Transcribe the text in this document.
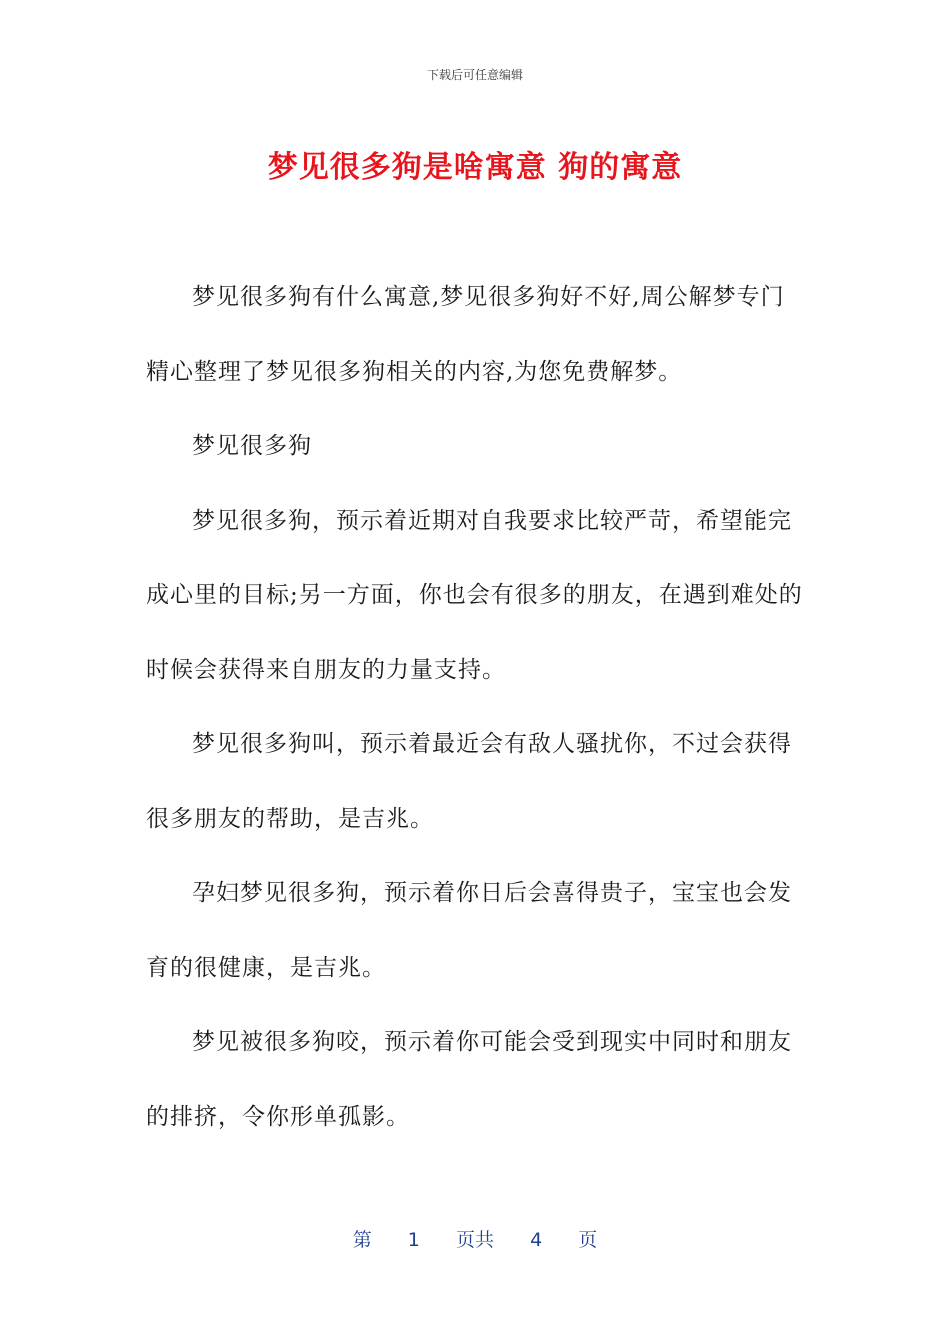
下载后可任意编辑
梦见很多狗是啥寓意 狗的寓意

梦见很多狗有什么寓意,梦见很多狗好不好,周公解梦专门精心整理了梦见很多狗相关的内容,为您免费解梦。

梦见很多狗

梦见很多狗，预示着近期对自我要求比较严苛，希望能完成心里的目标;另一方面，你也会有很多的朋友，在遇到难处的时候会获得来自朋友的力量支持。

梦见很多狗叫，预示着最近会有敌人骚扰你，不过会获得很多朋友的帮助，是吉兆。

孕妇梦见很多狗，预示着你日后会喜得贵子，宝宝也会发育的很健康，是吉兆。

梦见被很多狗咬，预示着你可能会受到现实中同时和朋友的排挤，令你形单孤影。

第 1 页共 4 页
